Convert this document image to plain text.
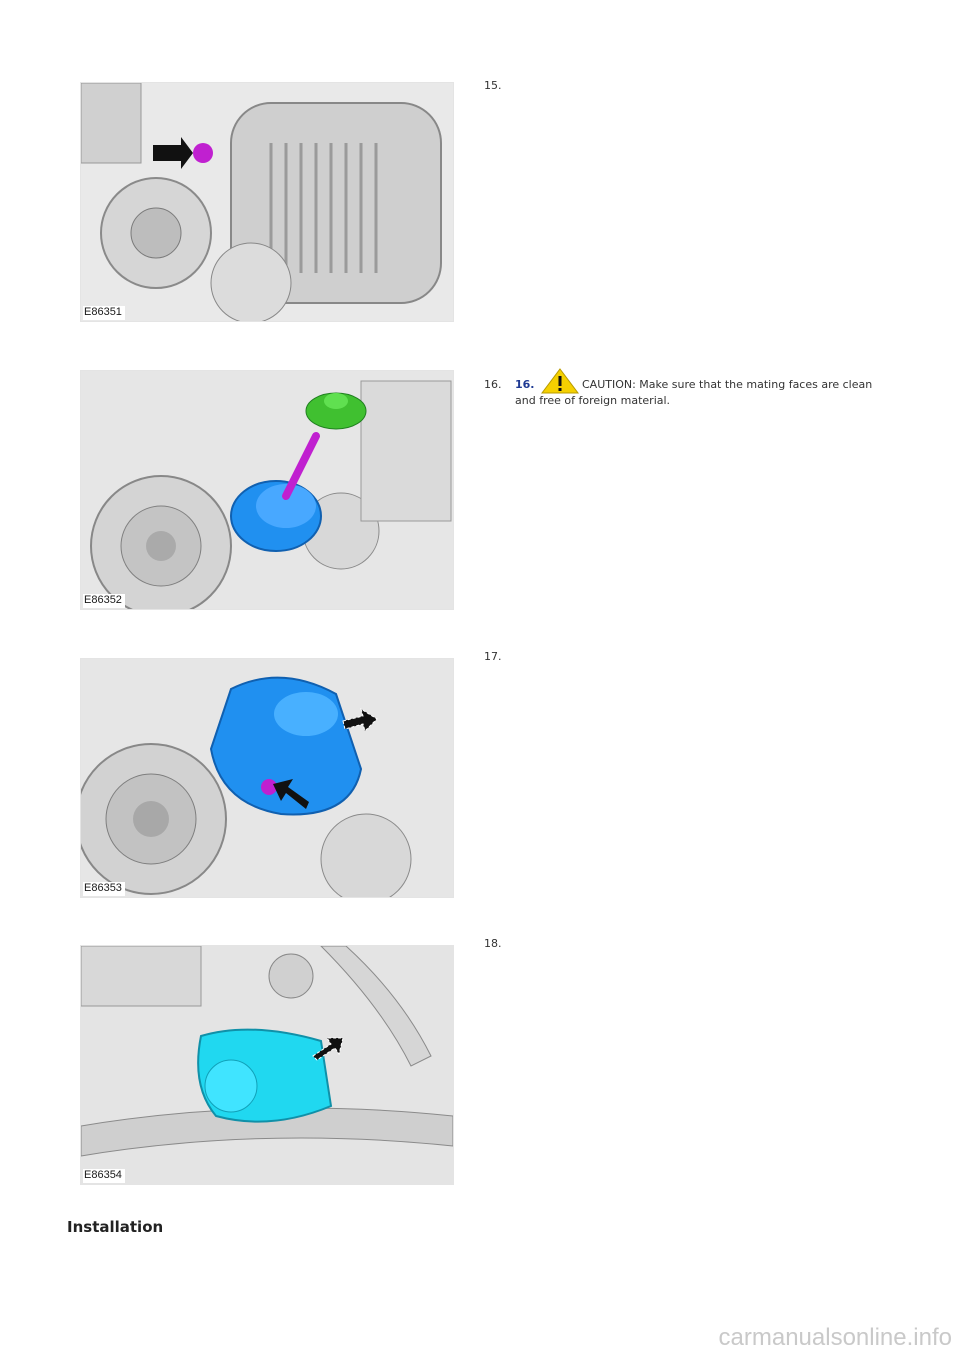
E86351
15.
E86352
16. 16.	CAUTION: Make sure that the mating faces are clean and free of foreign material.
E86353
17.
E86354
18.
Installation
carmanualsonline.info
